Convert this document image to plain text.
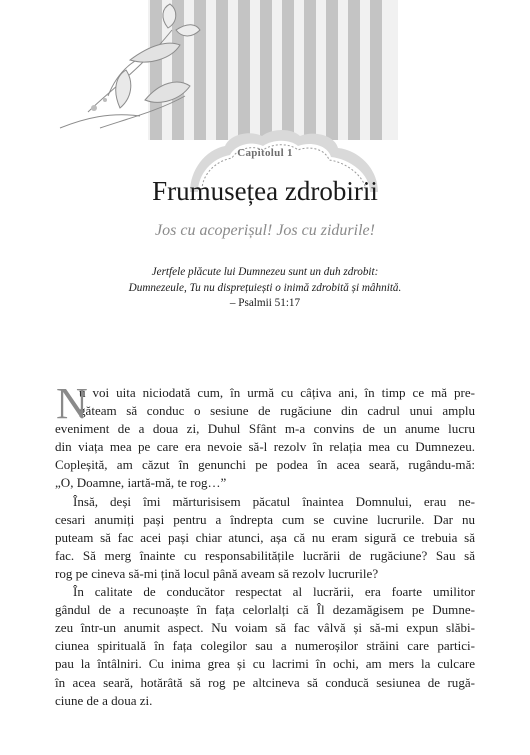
Capitolul 1
Frumusețea zdrobirii
Jos cu acoperișul! Jos cu zidurile!
Jertfele plăcute lui Dumnezeu sunt un duh zdrobit:
Dumnezeule, Tu nu disprețuiești o inimă zdrobită și mâhnită.
– Psalmii 51:17
N
u voi uita niciodată cum, în urmă cu câțiva ani, în timp ce mă pre-
găteam să conduc o sesiune de rugăciune din cadrul unui amplu
eveniment de a doua zi, Duhul Sfânt m-a convins de un anume lucru
din viața mea pe care era nevoie să-l rezolv în relația mea cu Dumnezeu.
Copleșită, am căzut în genunchi pe podea în acea seară, rugându-mă:
„O, Doamne, iartă-mă, te rog…”
Însă, deși îmi mărturisisem păcatul înaintea Domnului, erau ne-
cesari anumiți pași pentru a îndrepta cum se cuvine lucrurile. Dar nu
puteam să fac acei pași chiar atunci, așa că nu eram sigură ce trebuia să
fac. Să merg înainte cu responsabilitățile lucrării de rugăciune? Sau să
rog pe cineva să-mi țină locul până aveam să rezolv lucrurile?
În calitate de conducător respectat al lucrării, era foarte umilitor
gândul de a recunoaște în fața celorlalți că Îl dezamăgisem pe Dumne-
zeu într-un anumit aspect. Nu voiam să fac vâlvă și să-mi expun slăbi-
ciunea spirituală în fața colegilor sau a numeroșilor străini care partici-
pau la întâlniri. Cu inima grea și cu lacrimi în ochi, am mers la culcare
în acea seară, hotărâtă să rog pe altcineva să conducă sesiunea de rugă-
ciune de a doua zi.
